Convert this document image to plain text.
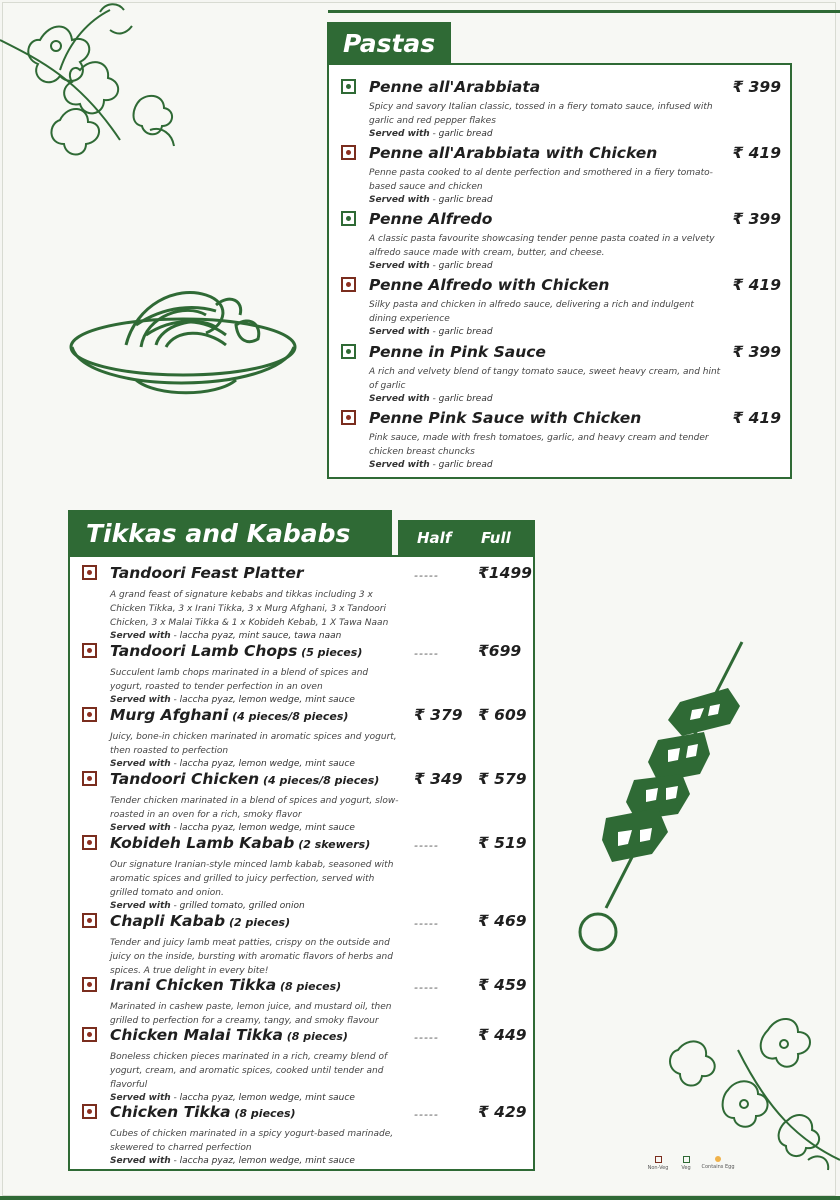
Pastas
Penne all'Arabbiata	₹ 399
Spicy and savory Italian classic, tossed in a fiery tomato sauce, infused with garlic and red pepper flakes
Served with - garlic bread
Penne all'Arabbiata with Chicken	₹ 419
Penne pasta cooked to al dente perfection and smothered in a fiery tomato-based sauce and chicken
Served with - garlic bread
Penne Alfredo	₹ 399
A classic pasta favourite showcasing tender penne pasta coated in a velvety alfredo sauce made with cream, butter, and cheese.
Served with - garlic bread
Penne Alfredo with Chicken	₹ 419
Silky pasta and chicken in alfredo sauce, delivering a rich and indulgent dining experience
Served with - garlic bread
Penne in Pink Sauce	₹ 399
A rich and velvety blend of tangy tomato sauce, sweet heavy cream, and hint of garlic
Served with - garlic bread
Penne Pink Sauce with Chicken	₹ 419
Pink sauce, made with fresh tomatoes, garlic, and heavy cream and tender chicken breast chuncks
Served with - garlic bread
Tikkas and Kababs	Half Full
Tandoori Feast Platter	-----	₹1499
A grand feast of signature kebabs and tikkas including 3 x Chicken Tikka, 3 x Irani Tikka, 3 x Murg Afghani, 3 x Tandoori Chicken, 3 x Malai Tikka & 1 x Kobideh Kebab, 1 X Tawa Naan
Served with - laccha pyaz, mint sauce, tawa naan
Tandoori Lamb Chops (5 pieces)	-----	₹699
Succulent lamb chops marinated in a blend of spices and yogurt, roasted to tender perfection in an oven
Served with - laccha pyaz, lemon wedge, mint sauce
Murg Afghani (4 pieces/8 pieces)	₹ 379 ₹ 609
Juicy, bone-in chicken marinated in aromatic spices and yogurt, then roasted to perfection
Served with - laccha pyaz, lemon wedge, mint sauce
Tandoori Chicken (4 pieces/8 pieces)	₹ 349 ₹ 579
Tender chicken marinated in a blend of spices and yogurt, slow-roasted in an oven for a rich, smoky flavor
Served with - laccha pyaz, lemon wedge, mint sauce
Kobideh Lamb Kabab (2 skewers)	-----	₹ 519
Our signature Iranian-style minced lamb kabab, seasoned with aromatic spices and grilled to juicy perfection, served with grilled tomato and onion.
Served with - grilled tomato, grilled onion
Chapli Kabab (2 pieces)	-----	₹ 469
Tender and juicy lamb meat patties, crispy on the outside and juicy on the inside, bursting with aromatic flavors of herbs and spices. A true delight in every bite!
Irani Chicken Tikka (8 pieces)	-----	₹ 459
Marinated in cashew paste, lemon juice, and mustard oil, then grilled to perfection for a creamy, tangy, and smoky flavour
Chicken Malai Tikka (8 pieces)	-----	₹ 449
Boneless chicken pieces marinated in a rich, creamy blend of yogurt, cream, and aromatic spices, cooked until tender and flavorful
Served with - laccha pyaz, lemon wedge, mint sauce
Chicken Tikka (8 pieces)	-----	₹ 429
Cubes of chicken marinated in a spicy yogurt-based marinade, skewered to charred perfection
Served with - laccha pyaz, lemon wedge, mint sauce
Non-Veg	Veg	Contains Egg
